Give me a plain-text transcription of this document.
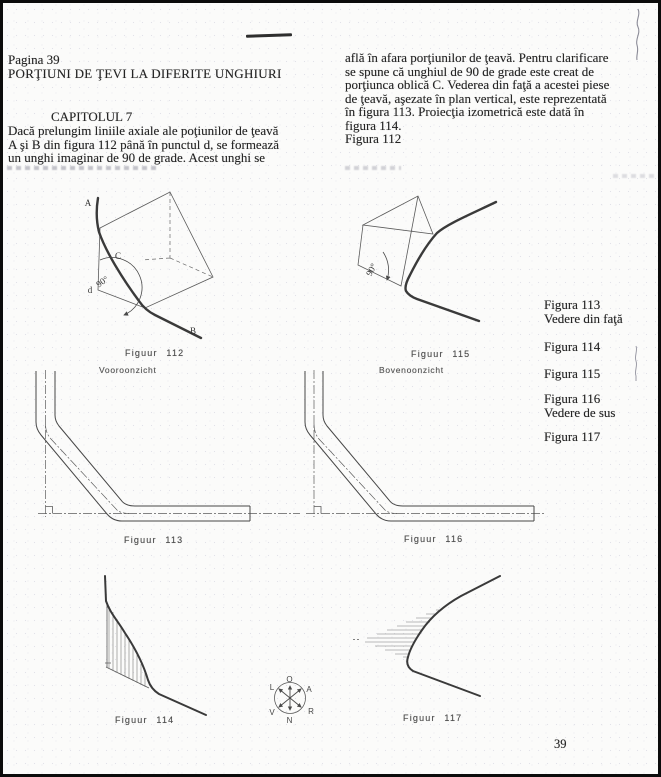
Pagina 39
PORŢIUNI DE ŢEVI LA DIFERITE UNGHIURI
CAPITOLUL 7
Dacă prelungim liniile axiale ale poţiunilor de ţeavă
A şi B din figura 112 până în punctul d, se formează
un unghi imaginar de 90 de grade. Acest unghi se
află în afara porţiunilor de ţeavă. Pentru clarificare
se spune că unghiul de 90 de grade este creat de
porţiunca oblică C. Vederea din faţă a acestei piese
de ţeavă, aşezate în plan vertical, este reprezentată
în figura 113. Proiecţia izometrică este dată în
figura 114.
Figura 112
A
C
d
B
90°
Figuur 112
90°
Figuur 115
Figura 113
Vedere din faţă
Figura 114
Figura 115
Figura 116
Vedere de sus
Figura 117
Vooroonzicht	Bovenoonzicht
Figuur 113	Figuur 116
Figuur 114
O
N
L	A
V	R
Figuur 117
39
